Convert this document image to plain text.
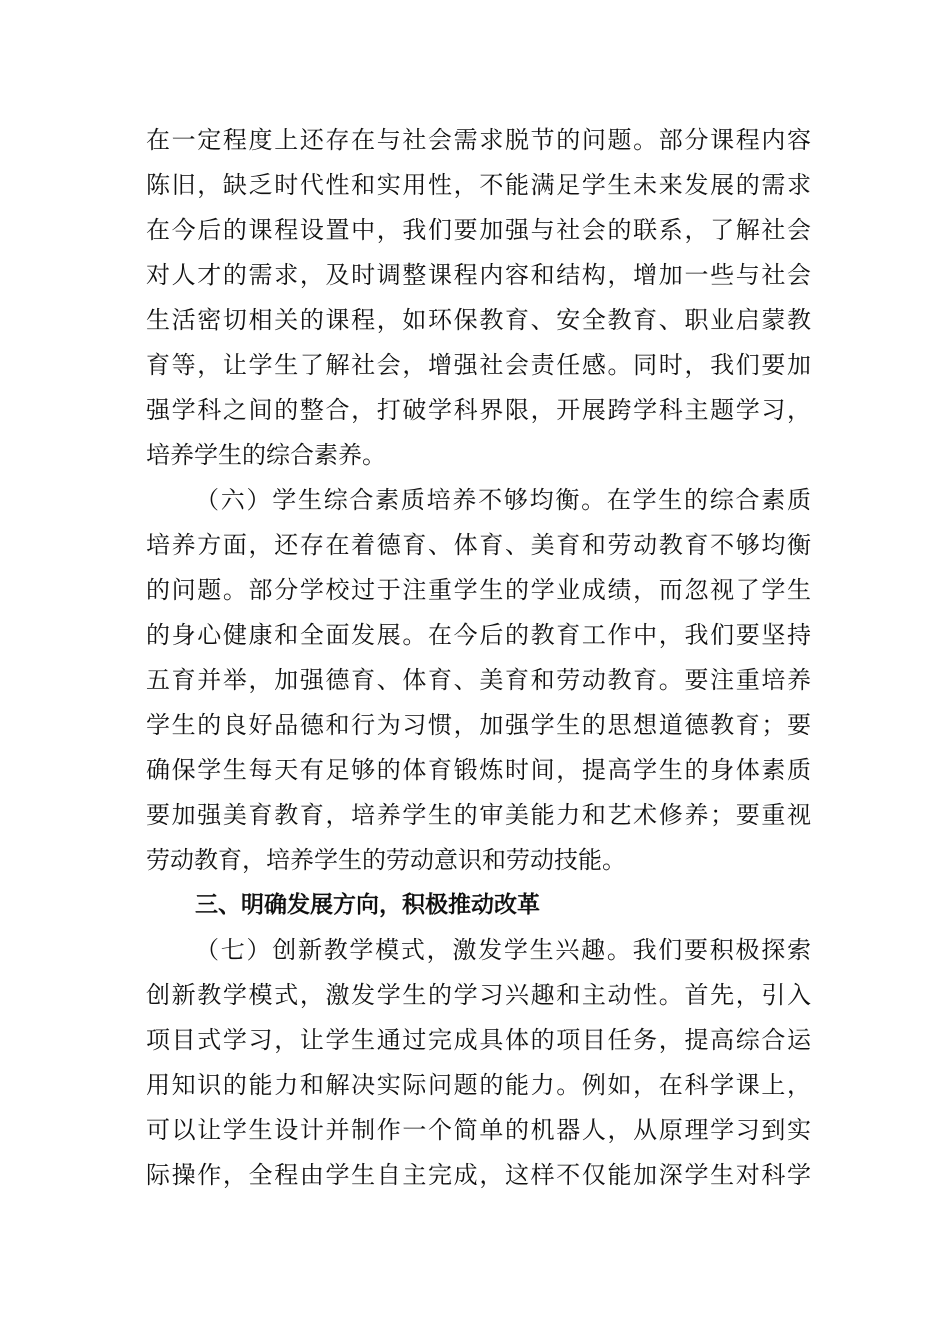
在一定程度上还存在与社会需求脱节的问题。部分课程内容
陈旧，缺乏时代性和实用性，不能满足学生未来发展的需求
在今后的课程设置中，我们要加强与社会的联系，了解社会
对人才的需求，及时调整课程内容和结构，增加一些与社会
生活密切相关的课程，如环保教育、安全教育、职业启蒙教
育等，让学生了解社会，增强社会责任感。同时，我们要加
强学科之间的整合，打破学科界限，开展跨学科主题学习，
培养学生的综合素养。
（六）学生综合素质培养不够均衡。在学生的综合素质
培养方面，还存在着德育、体育、美育和劳动教育不够均衡
的问题。部分学校过于注重学生的学业成绩，而忽视了学生
的身心健康和全面发展。在今后的教育工作中，我们要坚持
五育并举，加强德育、体育、美育和劳动教育。要注重培养
学生的良好品德和行为习惯，加强学生的思想道德教育；要
确保学生每天有足够的体育锻炼时间，提高学生的身体素质
要加强美育教育，培养学生的审美能力和艺术修养；要重视
劳动教育，培养学生的劳动意识和劳动技能。
三、明确发展方向，积极推动改革
（七）创新教学模式，激发学生兴趣。我们要积极探索
创新教学模式，激发学生的学习兴趣和主动性。首先，引入
项目式学习，让学生通过完成具体的项目任务，提高综合运
用知识的能力和解决实际问题的能力。例如，在科学课上，
可以让学生设计并制作一个简单的机器人，从原理学习到实
际操作，全程由学生自主完成，这样不仅能加深学生对科学
